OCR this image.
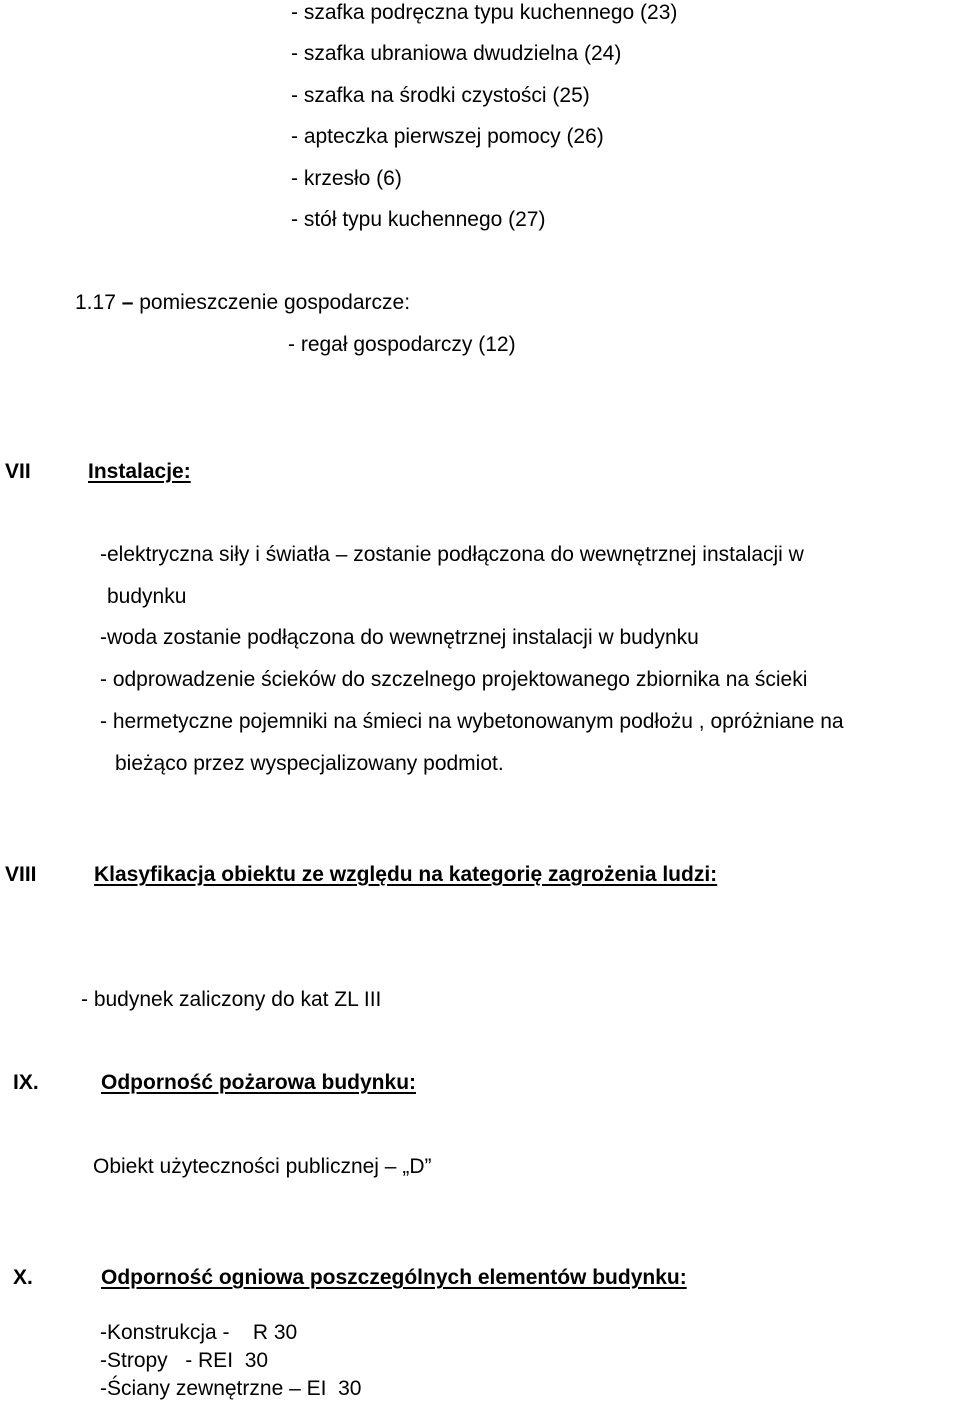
- szafka podręczna typu kuchennego (23)
- szafka ubraniowa dwudzielna (24)
- szafka na środki czystości (25)
- apteczka pierwszej pomocy (26)
- krzesło (6)
- stół typu kuchennego (27)
1.17 – pomieszczenie gospodarcze:
- regał gospodarczy (12)
VII	Instalacje:
-elektryczna siły i światła – zostanie podłączona do wewnętrznej instalacji w
budynku
-woda zostanie podłączona do wewnętrznej instalacji w budynku
- odprowadzenie ścieków do szczelnego projektowanego zbiornika na ścieki
- hermetyczne pojemniki na śmieci na wybetonowanym podłożu , opróżniane na
bieżąco przez wyspecjalizowany podmiot.
VIII	Klasyfikacja obiektu ze względu na kategorię zagrożenia ludzi:
- budynek zaliczony do kat ZL III
IX.	Odporność pożarowa budynku:
Obiekt użyteczności publicznej – „D”
X.	Odporność ogniowa poszczególnych elementów budynku:
-Konstrukcja -    R 30
-Stropy   - REI  30
-Ściany zewnętrzne – EI  30
